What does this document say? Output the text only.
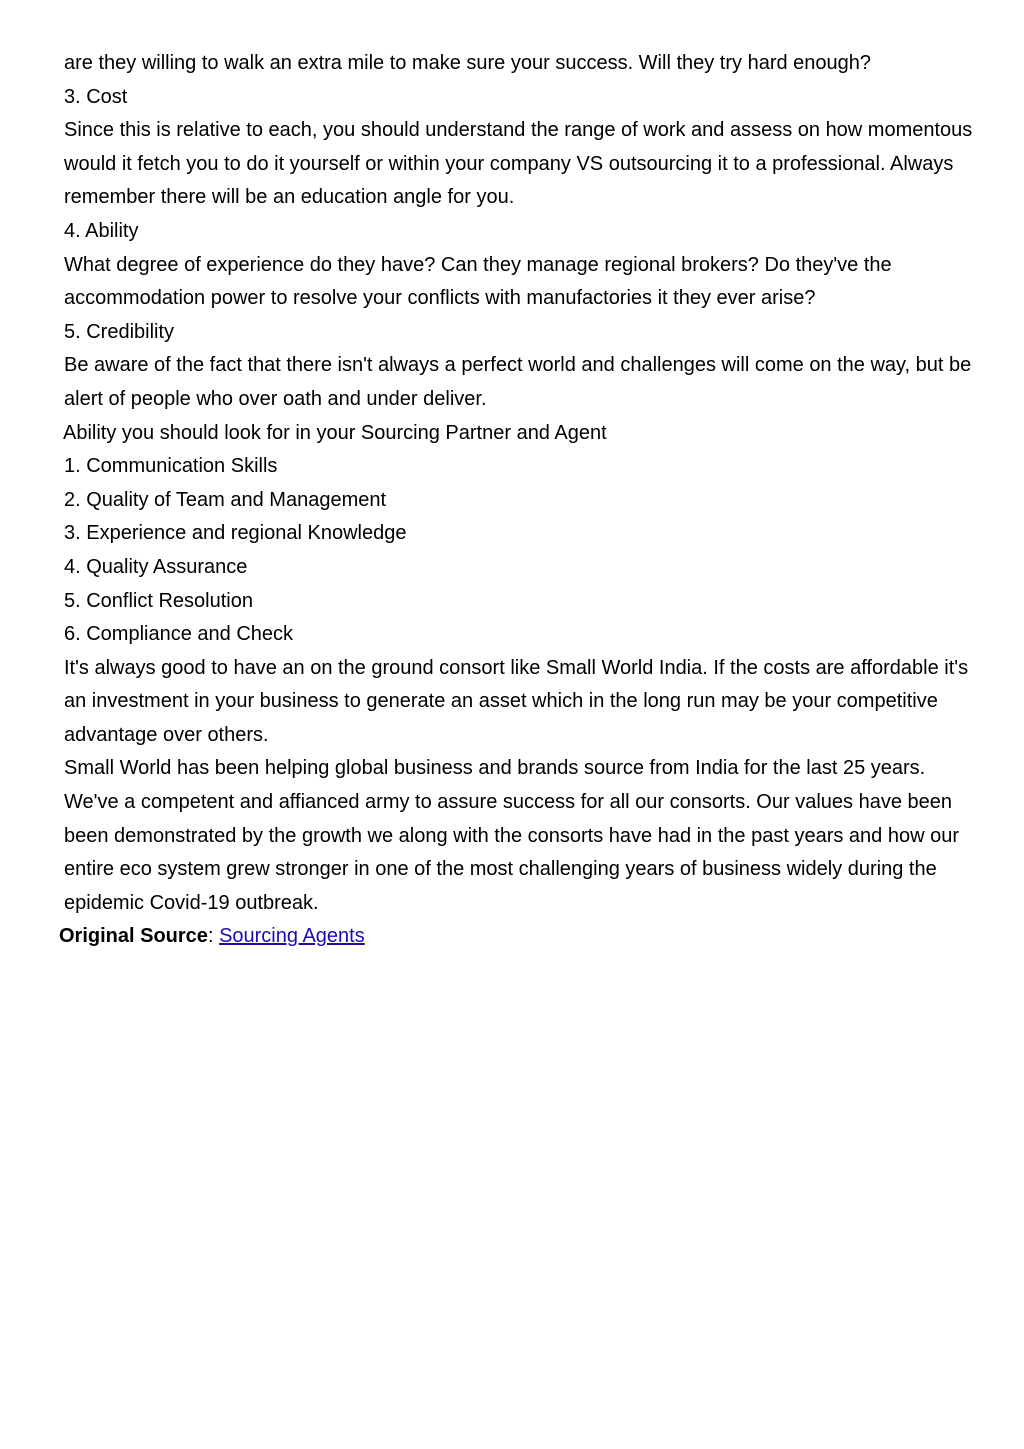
are they willing to walk an extra mile to make sure your success. Will they try hard enough?

3. Cost

Since this is relative to each, you should understand the range of work and assess on how momentous would it fetch you to do it yourself or within your company VS outsourcing it to a professional. Always remember there will be an education angle for you.

4. Ability

What degree of experience do they have? Can they manage regional brokers? Do they've the accommodation power to resolve your conflicts with manufactories it they ever arise?

5. Credibility

Be aware of the fact that there isn't always a perfect world and challenges will come on the way, but be alert of people who over oath and under deliver.

Ability you should look for in your Sourcing Partner and Agent

1. Communication Skills

2. Quality of Team and Management

3. Experience and regional Knowledge

4. Quality Assurance

5. Conflict Resolution

6. Compliance and Check

It's always good to have an on the ground consort like Small World India. If the costs are affordable it's an investment in your business to generate an asset which in the long run may be your competitive advantage over others.

Small World has been helping global business and brands source from India for the last 25 years. We've a competent and affianced army to assure success for all our consorts. Our values have been been demonstrated by the growth we along with the consorts have had in the past years and how our entire eco system grew stronger in one of the most challenging years of business widely during the epidemic Covid-19 outbreak.

Original Source: Sourcing Agents
